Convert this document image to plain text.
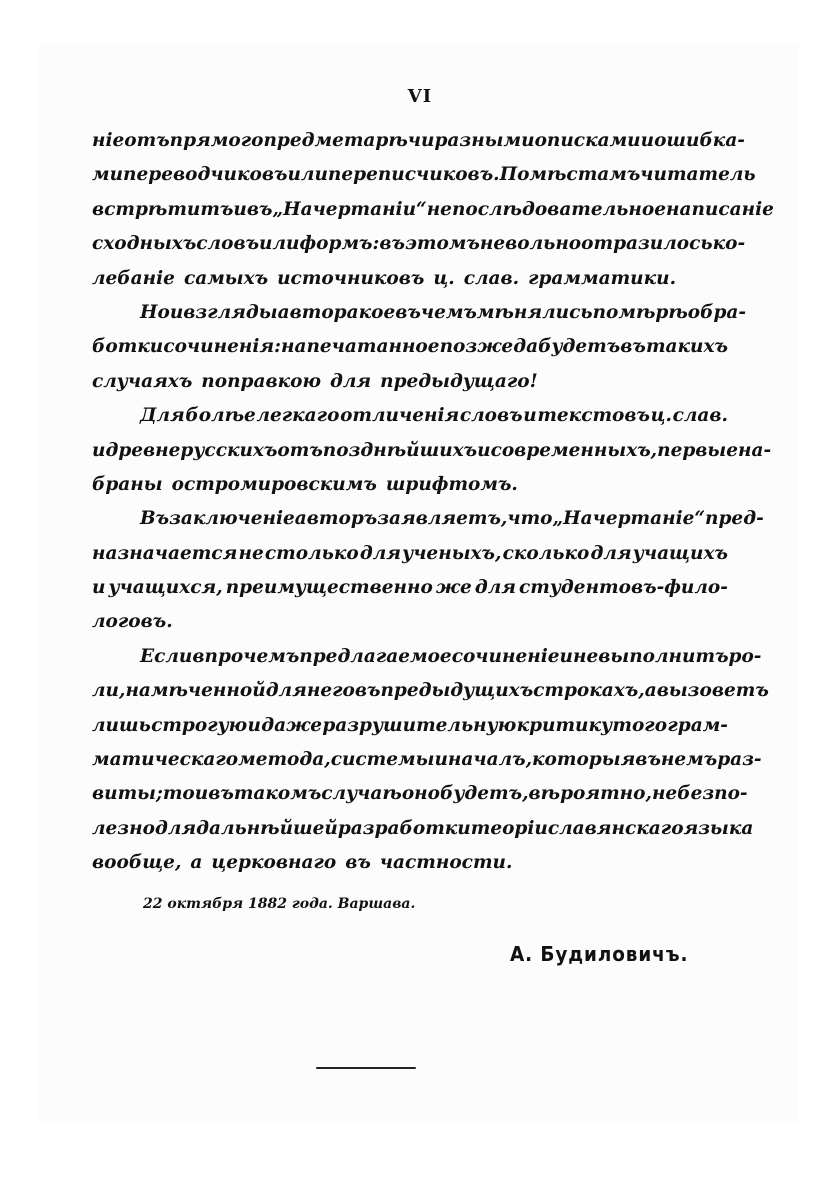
VI
ніе отъ прямого предмета рѣчи разными описками и ошибка-
ми переводчиковъ или переписчиковъ. По мѣстамъ читатель
встрѣтитъ и въ „Начертаніи“ непослѣдовательное написаніе
сходныхъ словъ или формъ: въ этомъ невольно отразилось ко-
лебаніе самыхъ источниковъ ц. слав. грамматики.
Но и взгляды автора кое въ чемъ мѣнялись по мѣрѣ обра-
ботки сочиненія: напечатанное позже да будетъ въ такихъ
случаяхъ поправкою для предыдущаго!
Для болѣе легкаго отличенія словъ и текстовъ ц. слав.
и древнерусскихъ отъ позднѣйшихъ и современныхъ, первые на-
браны остромировскимъ шрифтомъ.
Въ заключеніе авторъ заявляетъ, что „Начертаніе“ пред-
назначается не столько для ученыхъ, сколько для учащихъ
и учащихся, преимущественно же для студентовъ-фило-
логовъ.
Если впрочемъ предлагаемое сочиненіе и не выполнитъ ро-
ли, намѣченной для него въ предыдущихъ строкахъ, а вызоветъ
лишь строгую и даже разрушительную критику того грам-
матическаго метода, системы и началъ, которыя въ немъ раз-
виты; то и въ такомъ случаѣ оно будетъ, вѣроятно, не безпо-
лезно для дальнѣйшей разработки теоріи славянскаго языка
вообще, а церковнаго въ частности.
22 октября 1882 года. Варшава.
А. Будиловичъ.
